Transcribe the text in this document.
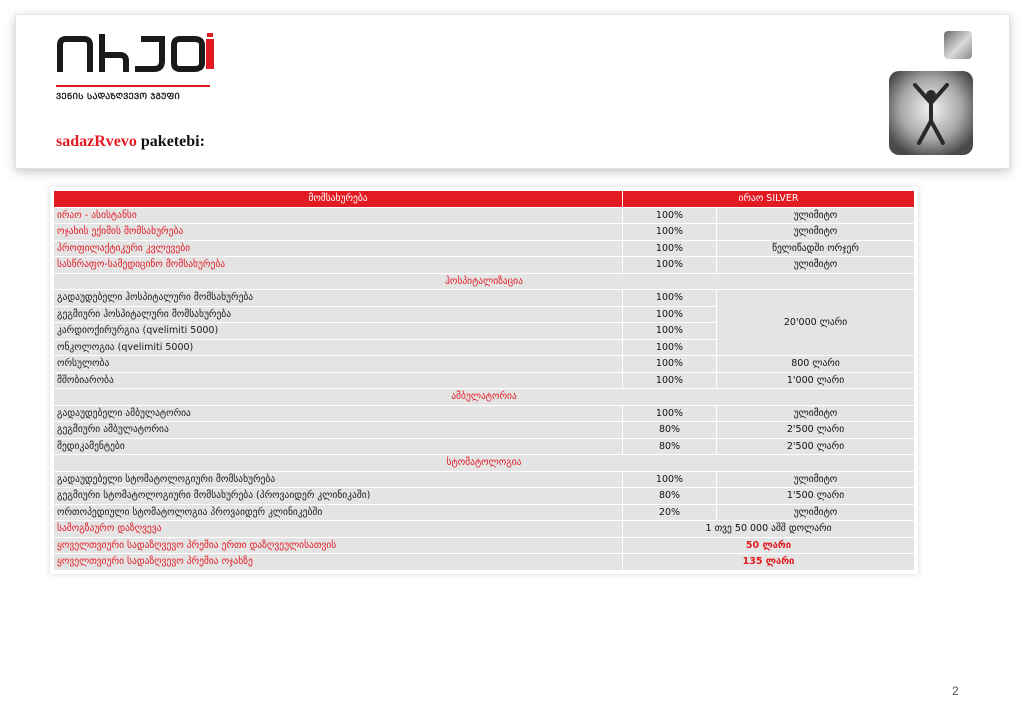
ᲕᲔᲜᲘᲡ ᲡᲐᲓᲐᲖᲦᲕᲔᲕᲝ ᲯᲒᲣᲤᲘ
sadazRvevo paketebi:
მომსახურება	ირაო SILVER	
ირაო - ასისტანსი	100%	ულიმიტო
ოჯახის ექიმის მომსახურება	100%	ულიმიტო
პროფილაქტიკური კვლევები	100%	წელიწადში ორჯერ
სასწრაფო-სამედიცინო მომსახურება	100%	ულიმიტო
ჰოსპიტალიზაცია		
გადაუდებელი ჰოსპიტალური მომსახურება	100%	20'000 ლარი
გეგმიური ჰოსპიტალური მომსახურება	100%	
კარდიოქირურგია (qvelimiti 5000)	100%	
ონკოლოგია (qvelimiti 5000)	100%	
ორსულობა	100%	800 ლარი
მშობიარობა	100%	1'000 ლარი
ამბულატორია		
გადაუდებელი ამბულატორია	100%	ულიმიტო
გეგმიური ამბულატორია	80%	2'500 ლარი
მედიკამენტები	80%	2'500 ლარი
სტომატოლოგია		
გადაუდებელი სტომატოლოგიური მომსახურება	100%	ულიმიტო
გეგმიური სტომატოლოგიური მომსახურება (პროვაიდერ კლინიკაში)	80%	1'500 ლარი
ორთოპედიული სტომატოლოგია პროვაიდერ კლინიკებში	20%	ულიმიტო
სამოგზაურო დაზღვევა	1 თვე 50 000 აშშ დოლარი	
ყოველთვიური სადაზღვევო პრემია ერთი დაზღვეულისათვის	50 ლარი	
ყოველთვიური სადაზღვევო პრემია ოჯახზე	135 ლარი	
2
